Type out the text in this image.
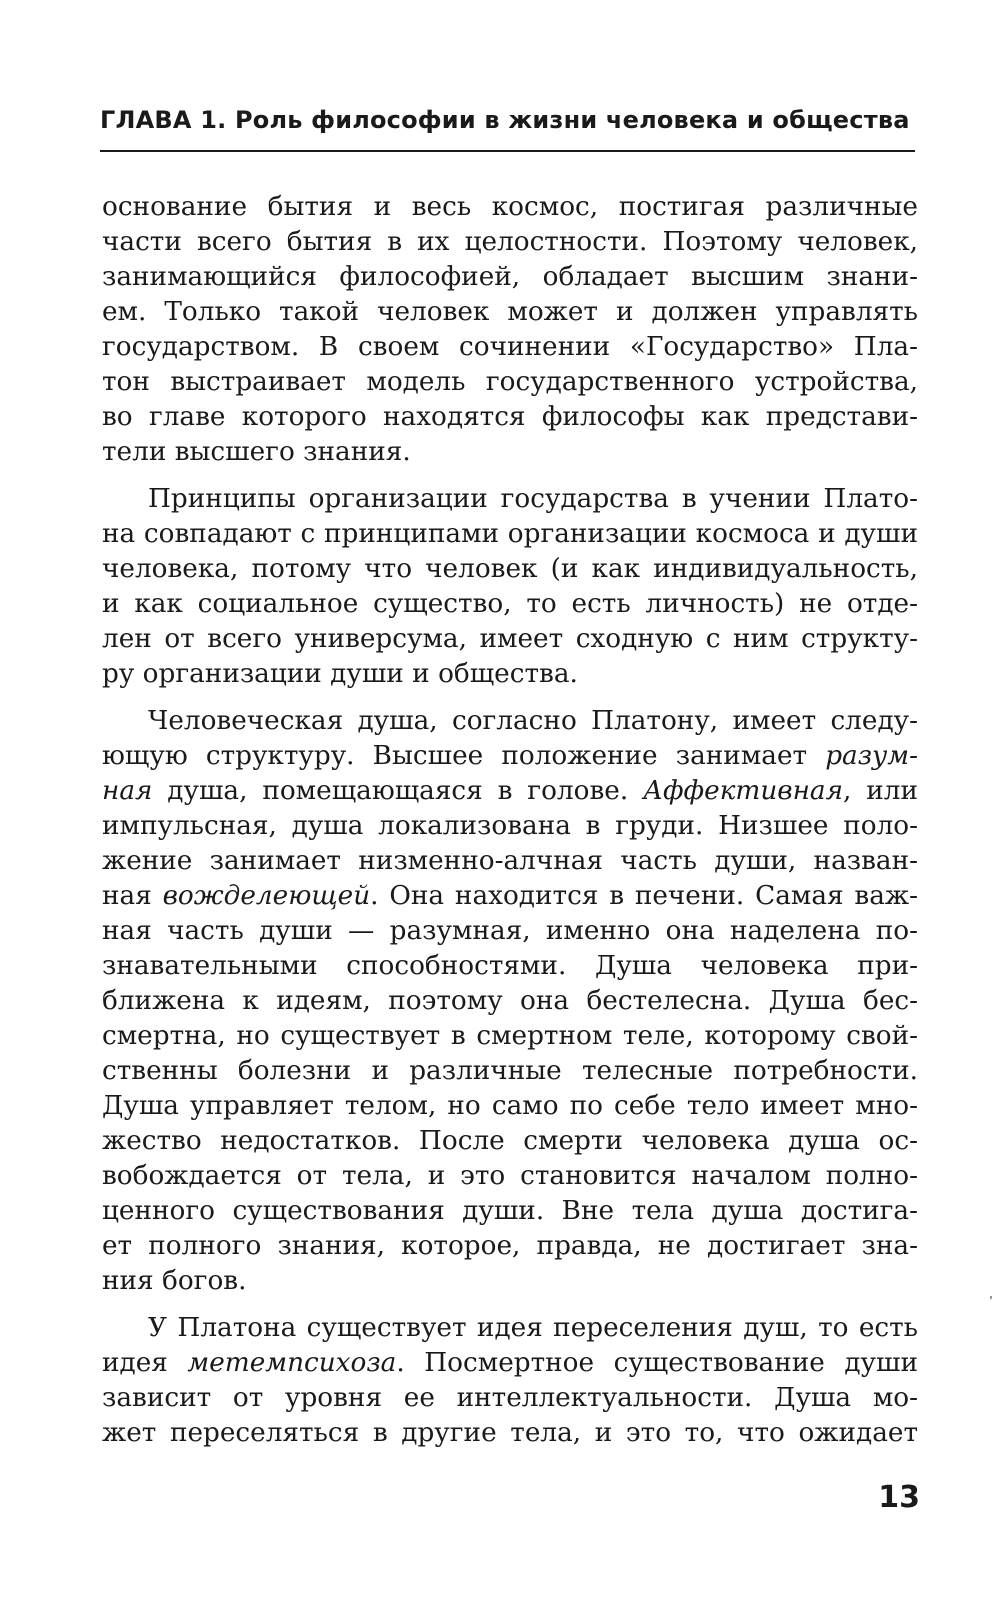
ГЛАВА 1. Роль философии в жизни человека и общества
основание бытия и весь космос, постигая различные
части всего бытия в их целостности. Поэтому человек,
занимающийся философией, обладает высшим знани-
ем. Только такой человек может и должен управлять
государством. В своем сочинении «Государство» Пла-
тон выстраивает модель государственного устройства,
во главе которого находятся философы как представи-
тели высшего знания.
Принципы организации государства в учении Плато-
на совпадают с принципами организации космоса и души
человека, потому что человек (и как индивидуальность,
и как социальное существо, то есть личность) не отде-
лен от всего универсума, имеет сходную с ним структу-
ру организации души и общества.
Человеческая душа, согласно Платону, имеет следу-
ющую структуру. Высшее положение занимает разум-
ная душа, помещающаяся в голове. Аффективная, или
импульсная, душа локализована в груди. Низшее поло-
жение занимает низменно-алчная часть души, назван-
ная вожделеющей. Она находится в печени. Самая важ-
ная часть души — разумная, именно она наделена по-
знавательными способностями. Душа человека при-
ближена к идеям, поэтому она бестелесна. Душа бес-
смертна, но существует в смертном теле, которому свой-
ственны болезни и различные телесные потребности.
Душа управляет телом, но само по себе тело имеет мно-
жество недостатков. После смерти человека душа ос-
вобождается от тела, и это становится началом полно-
ценного существования души. Вне тела душа достига-
ет полного знания, которое, правда, не достигает зна-
ния богов.
У Платона существует идея переселения душ, то есть
идея метемпсихоза. Посмертное существование души
зависит от уровня ее интеллектуальности. Душа мо-
жет переселяться в другие тела, и это то, что ожидает
13
